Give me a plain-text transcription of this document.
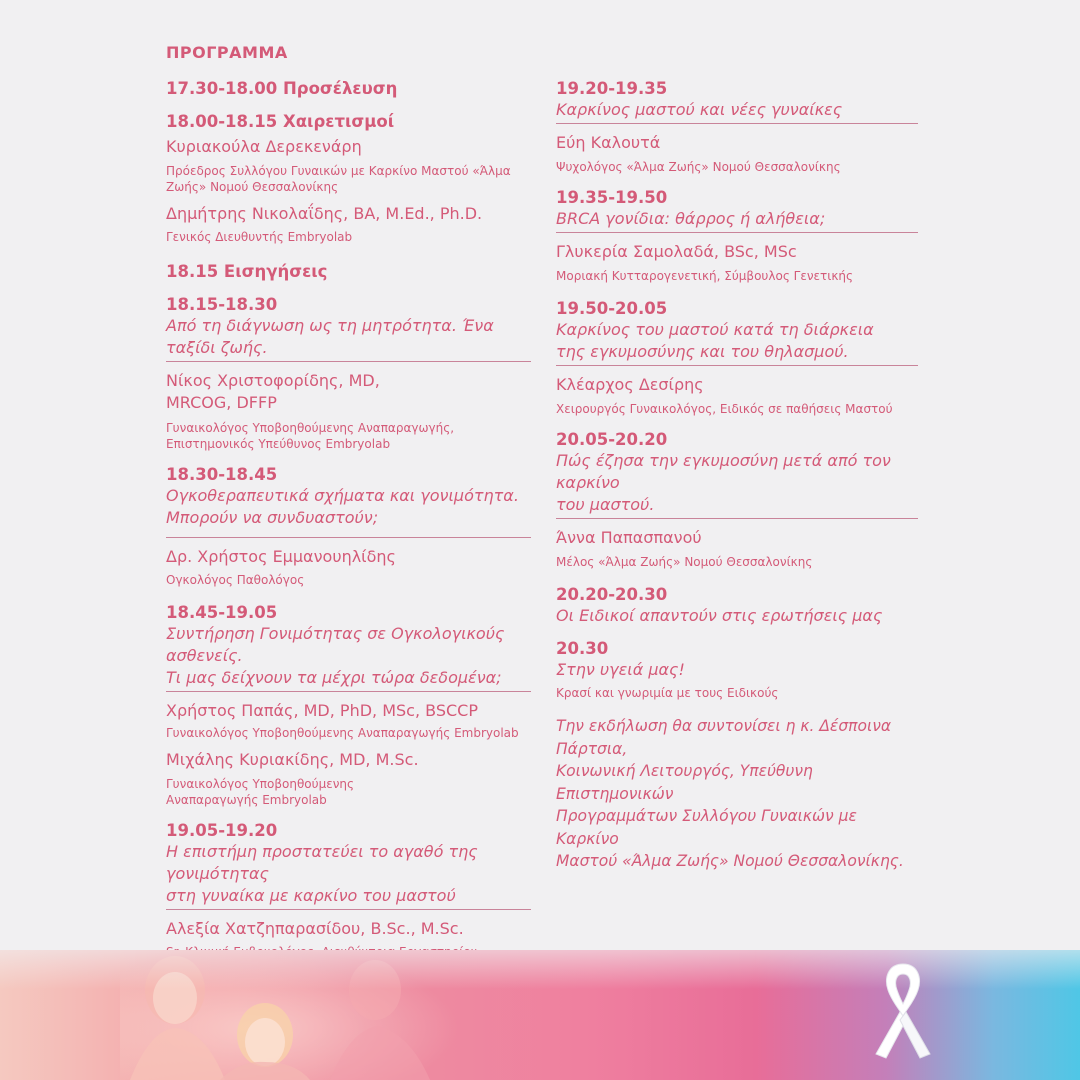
ΠΡΟΓΡΑΜΜΑ
17.30-18.00 Προσέλευση
18.00-18.15 Χαιρετισμοί
Κυριακούλα Δερεκενάρη
Πρόεδρος Συλλόγου Γυναικών με Καρκίνο Μαστού «Άλμα Ζωής» Νομού Θεσσαλονίκης
Δημήτρης Νικολαΐδης, BA, M.Ed., Ph.D.
Γενικός Διευθυντής Embryolab
18.15 Εισηγήσεις
18.15-18.30
Από τη διάγνωση ως τη μητρότητα. Ένα ταξίδι ζωής.
Νίκος Χριστοφορίδης, MD,
MRCOG, DFFP
Γυναικολόγος Υποβοηθούμενης Αναπαραγωγής,
Επιστημονικός Υπεύθυνος Embryolab
18.30-18.45
Ογκοθεραπευτικά σχήματα και γονιμότητα.
Μπορούν να συνδυαστούν;
Δρ. Χρήστος Εμμανουηλίδης
Ογκολόγος Παθολόγος
18.45-19.05
Συντήρηση Γονιμότητας σε Ογκολογικούς ασθενείς.
Τι μας δείχνουν τα μέχρι τώρα δεδομένα;
Χρήστος Παπάς, MD, PhD, MSc, BSCCP
Γυναικολόγος Υποβοηθούμενης Αναπαραγωγής Embryolab
Μιχάλης Κυριακίδης, MD, M.Sc.
Γυναικολόγος Υποβοηθούμενης
Αναπαραγωγής Embryolab
19.05-19.20
Η επιστήμη προστατεύει το αγαθό της γονιμότητας
στη γυναίκα με καρκίνο του μαστού
Αλεξία Χατζηπαρασίδου, B.Sc., M.Sc.
19.20-19.35
Καρκίνος μαστού και νέες γυναίκες
Εύη Καλουτά
Ψυχολόγος «Άλμα Ζωής» Νομού Θεσσαλονίκης
19.35-19.50
BRCA γονίδια: θάρρος ή αλήθεια;
Γλυκερία Σαμολαδά, BSc, MSc
Μοριακή Κυτταρογενετική, Σύμβουλος Γενετικής
19.50-20.05
Καρκίνος του μαστού κατά τη διάρκεια
της εγκυμοσύνης και του θηλασμού.
Κλέαρχος Δεσίρης
Χειρουργός Γυναικολόγος, Ειδικός σε παθήσεις Μαστού
20.05-20.20
Πώς έζησα την εγκυμοσύνη μετά από τον καρκίνο
του μαστού.
Άννα Παπασπανού
Μέλος «Άλμα Ζωής» Νομού Θεσσαλονίκης
20.20-20.30
Οι Ειδικοί απαντούν στις ερωτήσεις μας
20.30
Στην υγειά μας!
Κρασί και γνωριμία με τους Ειδικούς
Την εκδήλωση θα συντονίσει η κ. Δέσποινα Πάρτσια,
Κοινωνική Λειτουργός, Υπεύθυνη Επιστημονικών
Προγραμμάτων Συλλόγου Γυναικών με Καρκίνο
Μαστού «Άλμα Ζωής» Νομού Θεσσαλονίκης.
